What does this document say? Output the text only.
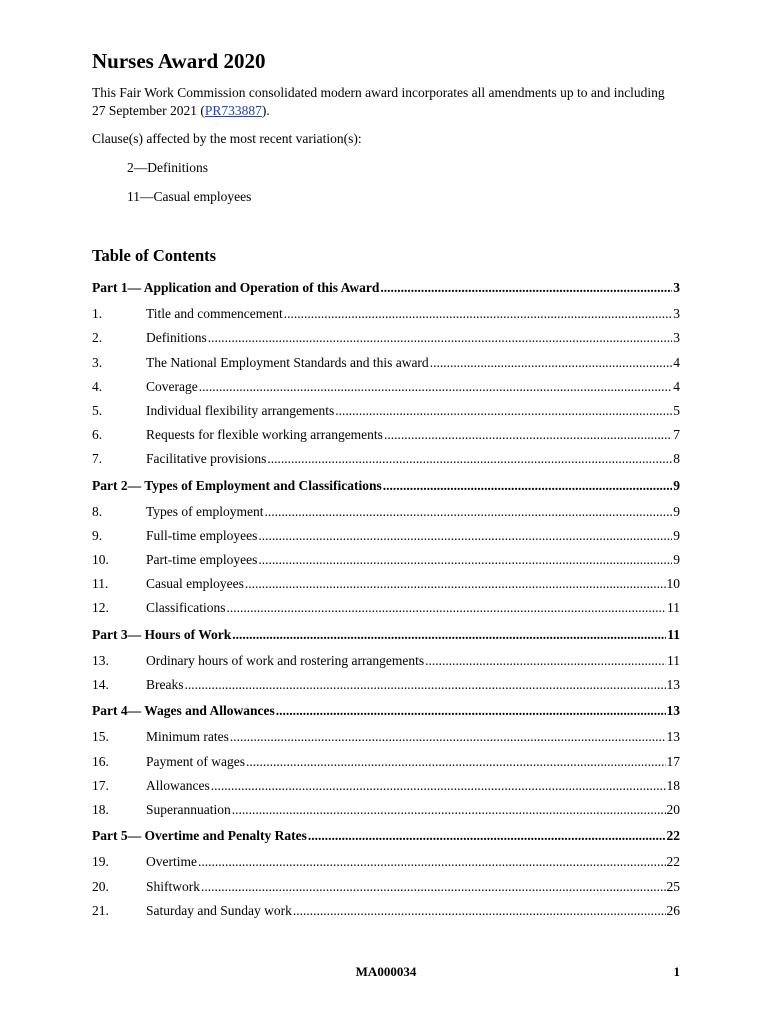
Nurses Award 2020

This Fair Work Commission consolidated modern award incorporates all amendments up to and including 27 September 2021 (PR733887).

Clause(s) affected by the most recent variation(s):

2—Definitions

11—Casual employees

Table of Contents
Part 1— Application and Operation of this Award .....	3
1.	Title and commencement .....	3
2.	Definitions .....	3
3.	The National Employment Standards and this award .....	4
4.	Coverage .....	4
5.	Individual flexibility arrangements .....	5
6.	Requests for flexible working arrangements .....	7
7.	Facilitative provisions .....	8
Part 2— Types of Employment and Classifications .....	9
8.	Types of employment .....	9
9.	Full-time employees .....	9
10.	Part-time employees .....	9
11.	Casual employees .....	10
12.	Classifications .....	11
Part 3— Hours of Work .....	11
13.	Ordinary hours of work and rostering arrangements .....	11
14.	Breaks .....	13
Part 4— Wages and Allowances .....	13
15.	Minimum rates .....	13
16.	Payment of wages .....	17
17.	Allowances .....	18
18.	Superannuation .....	20
Part 5— Overtime and Penalty Rates .....	22
19.	Overtime .....	22
20.	Shiftwork .....	25
21.	Saturday and Sunday work .....	26
MA000034	1
